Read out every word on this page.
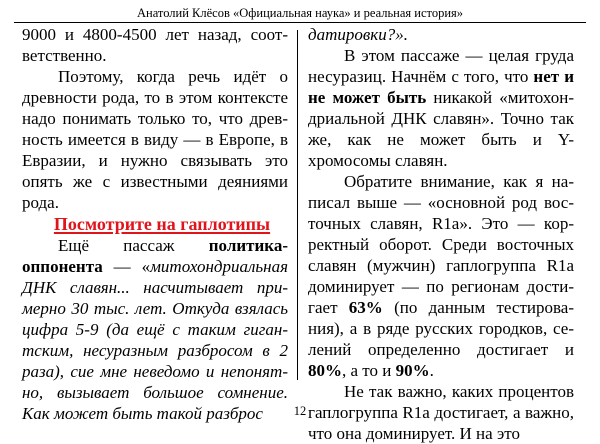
Анатолий Клёсов «Официальная наука» и реальная история»

9000 и 4800-4500 лет назад, соответственно.

Поэтому, когда речь идёт о древности рода, то в этом контексте надо понимать только то, что древность имеется в виду — в Европе, в Евразии, и нужно связывать это опять же с известными деяниями рода.

Посмотрите на гаплотипы

Ещё пассаж политика-оппонента — «митохондриальная ДНК славян... насчитывает примерно 30 тыс. лет. Откуда взялась цифра 5-9 (да ещё с таким гигантским, несуразным разбросом в 2 раза), сие мне неведомо и непонятно, вызывает большое сомнение. Как может быть такой разброс

датировки?».

В этом пассаже — целая груда несуразиц. Начнём с того, что нет и не может быть никакой «митохондриальной ДНК славян». Точно так же, как не может быть и Y-хромосомы славян.

Обратите внимание, как я написал выше — «основной род восточных славян, R1a». Это — корректный оборот. Среди восточных славян (мужчин) гаплогруппа R1a доминирует — по регионам достигает 63% (по данным тестирования), а в ряде русских городков, селений определенно достигает и 80%, а то и 90%.

Не так важно, каких процентов гаплогруппа R1a достигает, а важно, что она доминирует. И на это

12
